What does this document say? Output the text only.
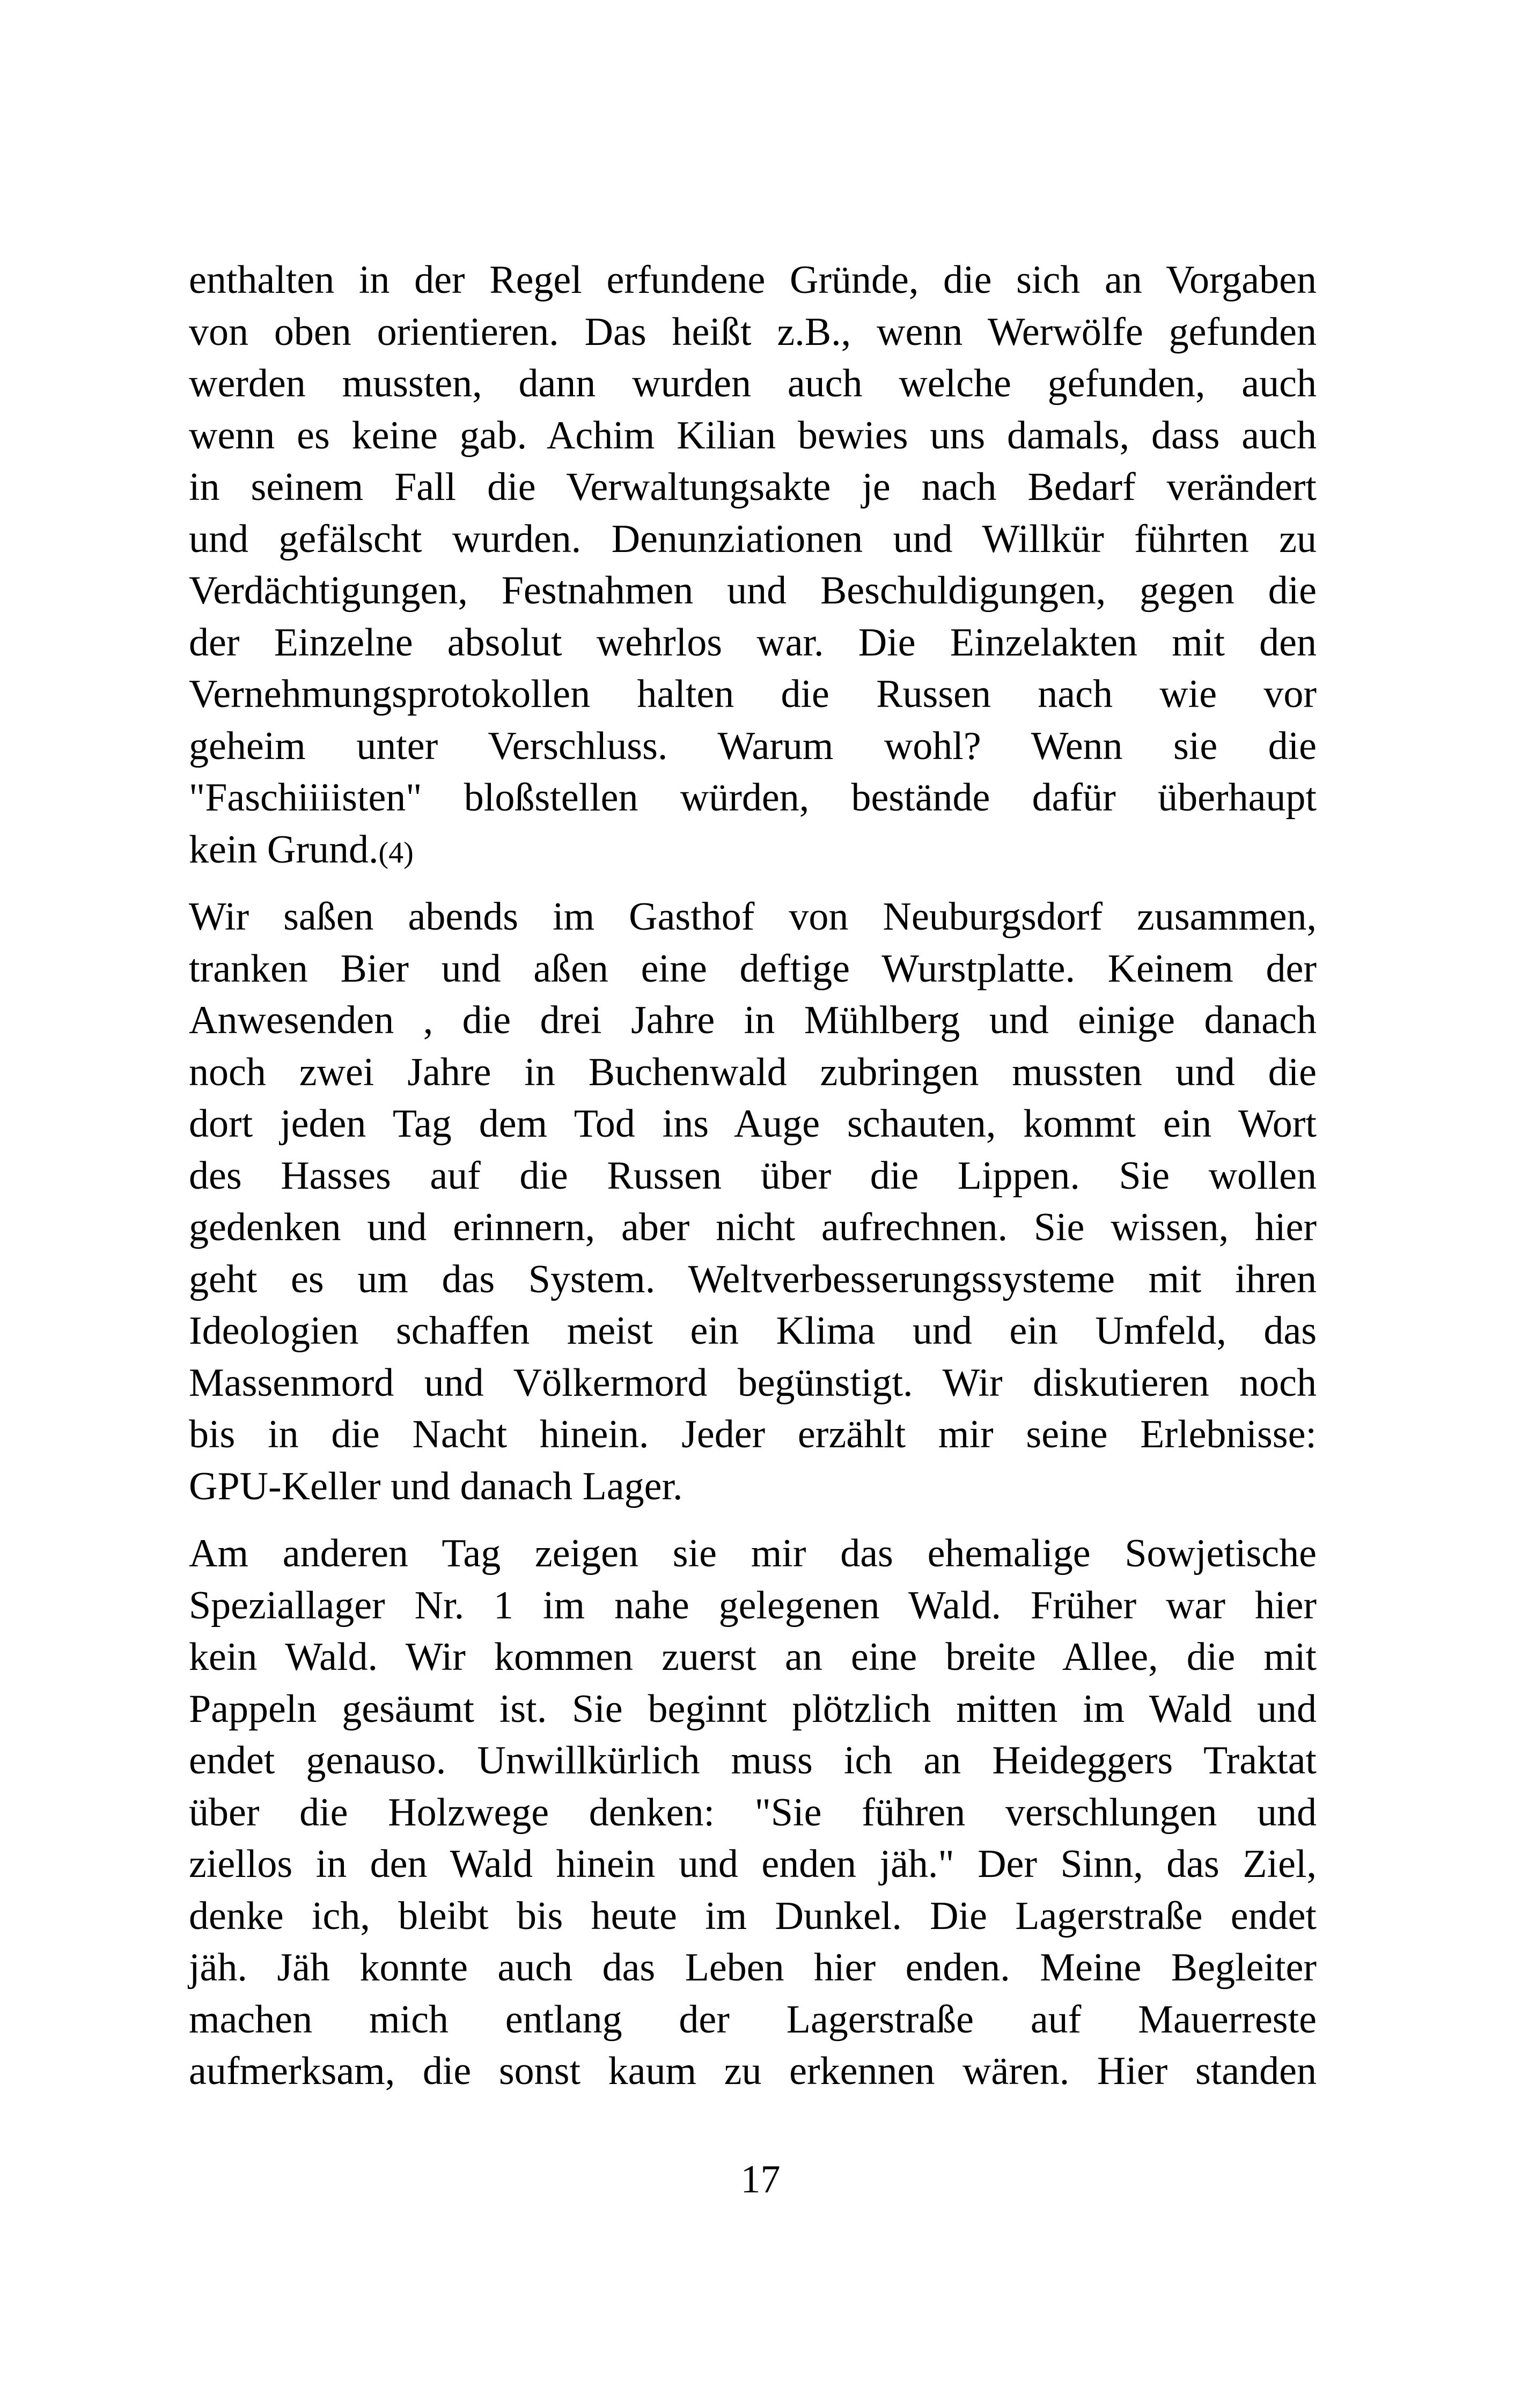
enthalten in der Regel erfundene Gründe, die sich an Vorgaben
von oben orientieren. Das heißt z.B., wenn Werwölfe gefunden
werden mussten, dann wurden auch welche gefunden, auch
wenn es keine gab. Achim Kilian bewies uns damals, dass auch
in seinem Fall die Verwaltungsakte je nach Bedarf verändert
und gefälscht wurden. Denunziationen und Willkür führten zu
Verdächtigungen, Festnahmen und Beschuldigungen, gegen die
der Einzelne absolut wehrlos war. Die Einzelakten mit den
Vernehmungsprotokollen halten die Russen nach wie vor
geheim unter Verschluss. Warum wohl? Wenn sie die
"Faschiiiisten" bloßstellen würden, bestände dafür überhaupt
kein Grund.(4)
Wir saßen abends im Gasthof von Neuburgsdorf zusammen,
tranken Bier und aßen eine deftige Wurstplatte. Keinem der
Anwesenden , die drei Jahre in Mühlberg und einige danach
noch zwei Jahre in Buchenwald zubringen mussten und die
dort jeden Tag dem Tod ins Auge schauten, kommt ein Wort
des Hasses auf die Russen über die Lippen. Sie wollen
gedenken und erinnern, aber nicht aufrechnen. Sie wissen, hier
geht es um das System. Weltverbesserungssysteme mit ihren
Ideologien schaffen meist ein Klima und ein Umfeld, das
Massenmord und Völkermord begünstigt. Wir diskutieren noch
bis in die Nacht hinein. Jeder erzählt mir seine Erlebnisse:
GPU-Keller und danach Lager.
Am anderen Tag zeigen sie mir das ehemalige Sowjetische
Speziallager Nr. 1 im nahe gelegenen Wald. Früher war hier
kein Wald. Wir kommen zuerst an eine breite Allee, die mit
Pappeln gesäumt ist. Sie beginnt plötzlich mitten im Wald und
endet genauso. Unwillkürlich muss ich an Heideggers Traktat
über die Holzwege denken: "Sie führen verschlungen und
ziellos in den Wald hinein und enden jäh." Der Sinn, das Ziel,
denke ich, bleibt bis heute im Dunkel. Die Lagerstraße endet
jäh. Jäh konnte auch das Leben hier enden. Meine Begleiter
machen mich entlang der Lagerstraße auf Mauerreste
aufmerksam, die sonst kaum zu erkennen wären. Hier standen
17
